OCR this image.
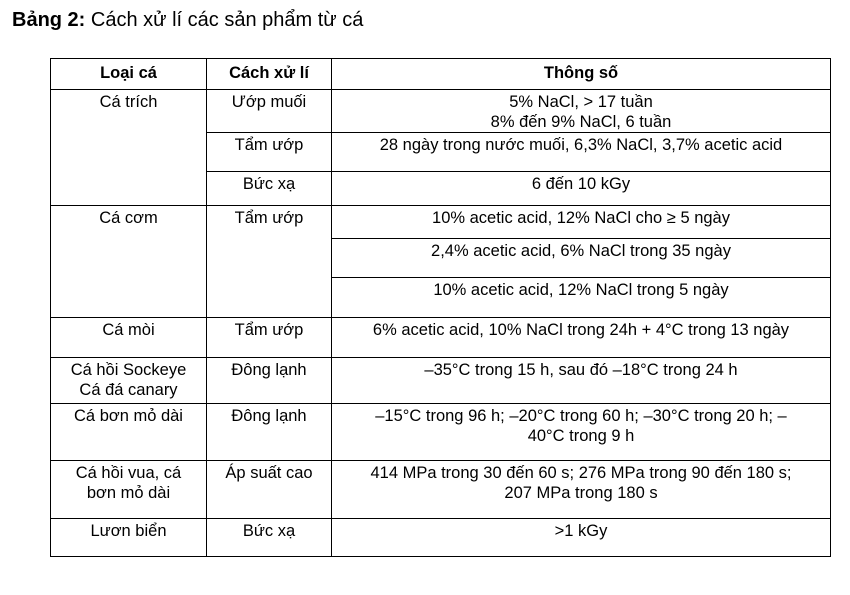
Bảng 2: Cách xử lí các sản phẩm từ cá
Loại cá	Cách xử lí	Thông số

Cá trích	Ướp muối	5% NaCl, > 17 tuần
8% đến 9% NaCl, 6 tuần

	Tẩm ướp	28 ngày trong nước muối, 6,3% NaCl, 3,7% acetic acid

	Bức xạ	6 đến 10 kGy

Cá cơm	Tẩm ướp	10% acetic acid, 12% NaCl cho ≥ 5 ngày

		2,4% acetic acid, 6% NaCl trong 35 ngày

		10% acetic acid, 12% NaCl trong 5 ngày

Cá mòi	Tẩm ướp	6% acetic acid, 10% NaCl trong 24h + 4°C trong 13 ngày

Cá hồi Sockeye
Cá đá canary	Đông lạnh	–35°C trong 15 h, sau đó –18°C trong 24 h

Cá bơn mỏ dài	Đông lạnh	–15°C trong 96 h; –20°C trong 60 h; –30°C trong 20 h; –
40°C trong 9 h

Cá hồi vua, cá
bơn mỏ dài	Áp suất cao	414 MPa trong 30 đến 60 s; 276 MPa trong 90 đến 180 s;
207 MPa trong 180 s

Lươn biển	Bức xạ	>1 kGy
